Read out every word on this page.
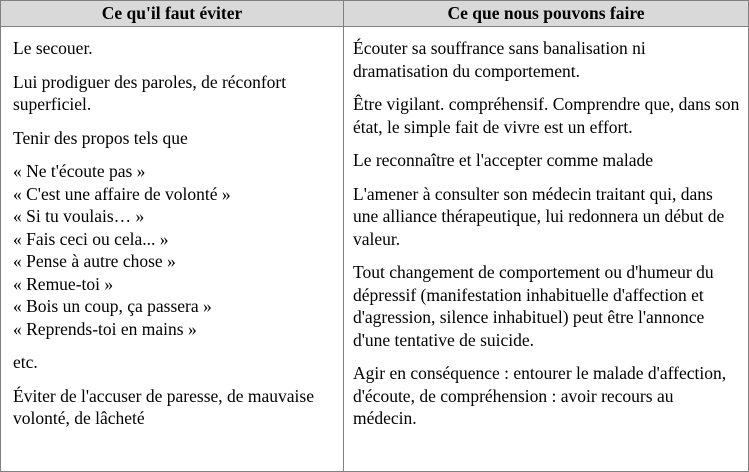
Ce qu'il faut éviter	Ce que nous pouvons faire

Le secouer.

Lui prodiguer des paroles, de réconfort superficiel.

Tenir des propos tels que

« Ne t'écoute pas »
« C'est une affaire de volonté »
« Si tu voulais… »
« Fais ceci ou cela... »
« Pense à autre chose »
« Remue-toi »
« Bois un coup, ça passera »
« Reprends-toi en mains »

etc.

Éviter de l'accuser de paresse, de mauvaise volonté, de lâcheté

Écouter sa souffrance sans banalisation ni dramatisation du comportement.

Être vigilant. compréhensif. Comprendre que, dans son état, le simple fait de vivre est un effort.

Le reconnaître et l'accepter comme malade

L'amener à consulter son médecin traitant qui, dans une alliance thérapeutique, lui redonnera un début de valeur.

Tout changement de comportement ou d'humeur du dépressif (manifestation inhabituelle d'affection et d'agression, silence inhabituel) peut être l'annonce d'une tentative de suicide.

Agir en conséquence : entourer le malade d'affection, d'écoute, de compréhension : avoir recours au médecin.
